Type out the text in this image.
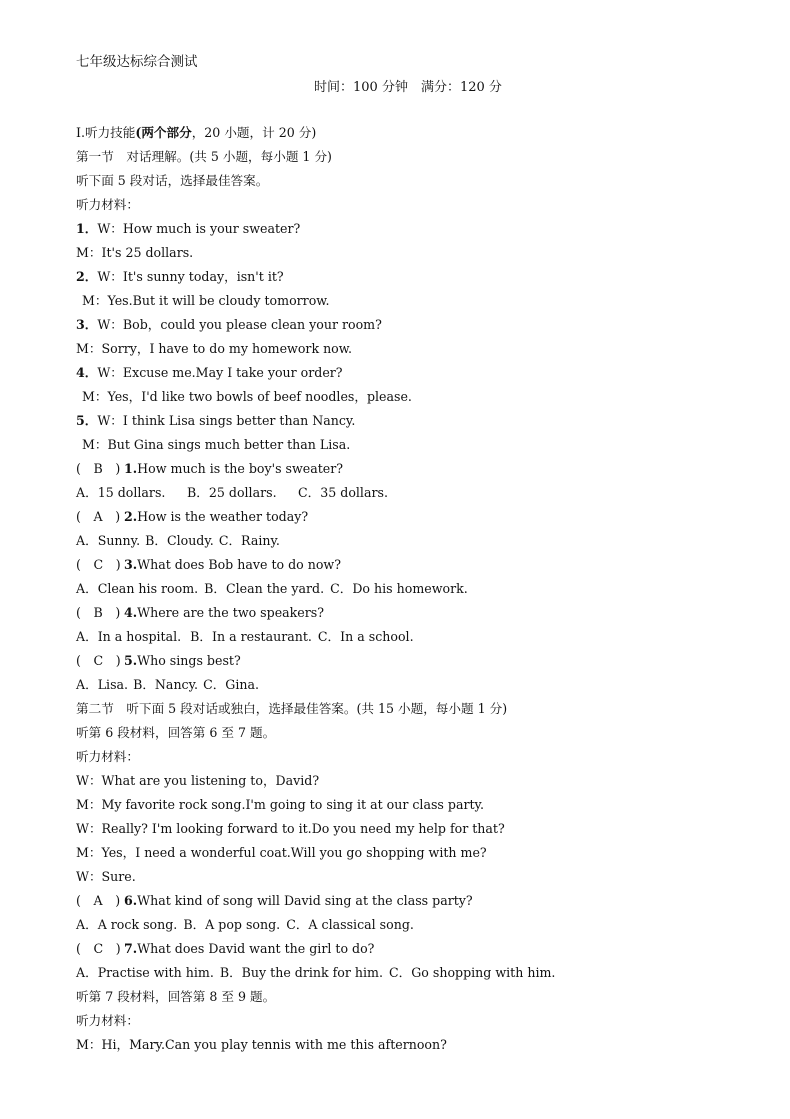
七年级达标综合测试
时间：100 分钟　满分：120 分
Ⅰ.听力技能(两个部分，20 小题，计 20 分)
第一节　对话理解。(共 5 小题，每小题 1 分)
听下面 5 段对话，选择最佳答案。
听力材料：
1．W：How much is your sweater?
M：It's 25 dollars.
2．W：It's sunny today，isn't it?
M：Yes.But it will be cloudy tomorrow.
3．W：Bob，could you please clean your room?
M：Sorry，I have to do my homework now.
4．W：Excuse me.May I take your order?
M：Yes，I'd like two bowls of beef noodles，please.
5．W：I think Lisa sings better than Nancy.
M：But Gina sings much better than Lisa.
(　B　) 1.How much is the boy's sweater?
A．15 dollars. B．25 dollars. C．35 dollars.
(　A　) 2.How is the weather today?
A．Sunny. B．Cloudy. C．Rainy.
(　C　) 3.What does Bob have to do now?
A．Clean his room. B．Clean the yard. C．Do his homework.
(　B　) 4.Where are the two speakers?
A．In a hospital. B．In a restaurant. C．In a school.
(　C　) 5.Who sings best?
A．Lisa. B．Nancy. C．Gina.
第二节　听下面 5 段对话或独白，选择最佳答案。(共 15 小题，每小题 1 分)
听第 6 段材料，回答第 6 至 7 题。
听力材料：
W：What are you listening to，David?
M：My favorite rock song.I'm going to sing it at our class party.
W：Really? I'm looking forward to it.Do you need my help for that?
M：Yes，I need a wonderful coat.Will you go shopping with me?
W：Sure.
(　A　) 6.What kind of song will David sing at the class party?
A．A rock song. B．A pop song. C．A classical song.
(　C　) 7.What does David want the girl to do?
A．Practise with him. B．Buy the drink for him. C．Go shopping with him.
听第 7 段材料，回答第 8 至 9 题。
听力材料：
M：Hi，Mary.Can you play tennis with me this afternoon?
